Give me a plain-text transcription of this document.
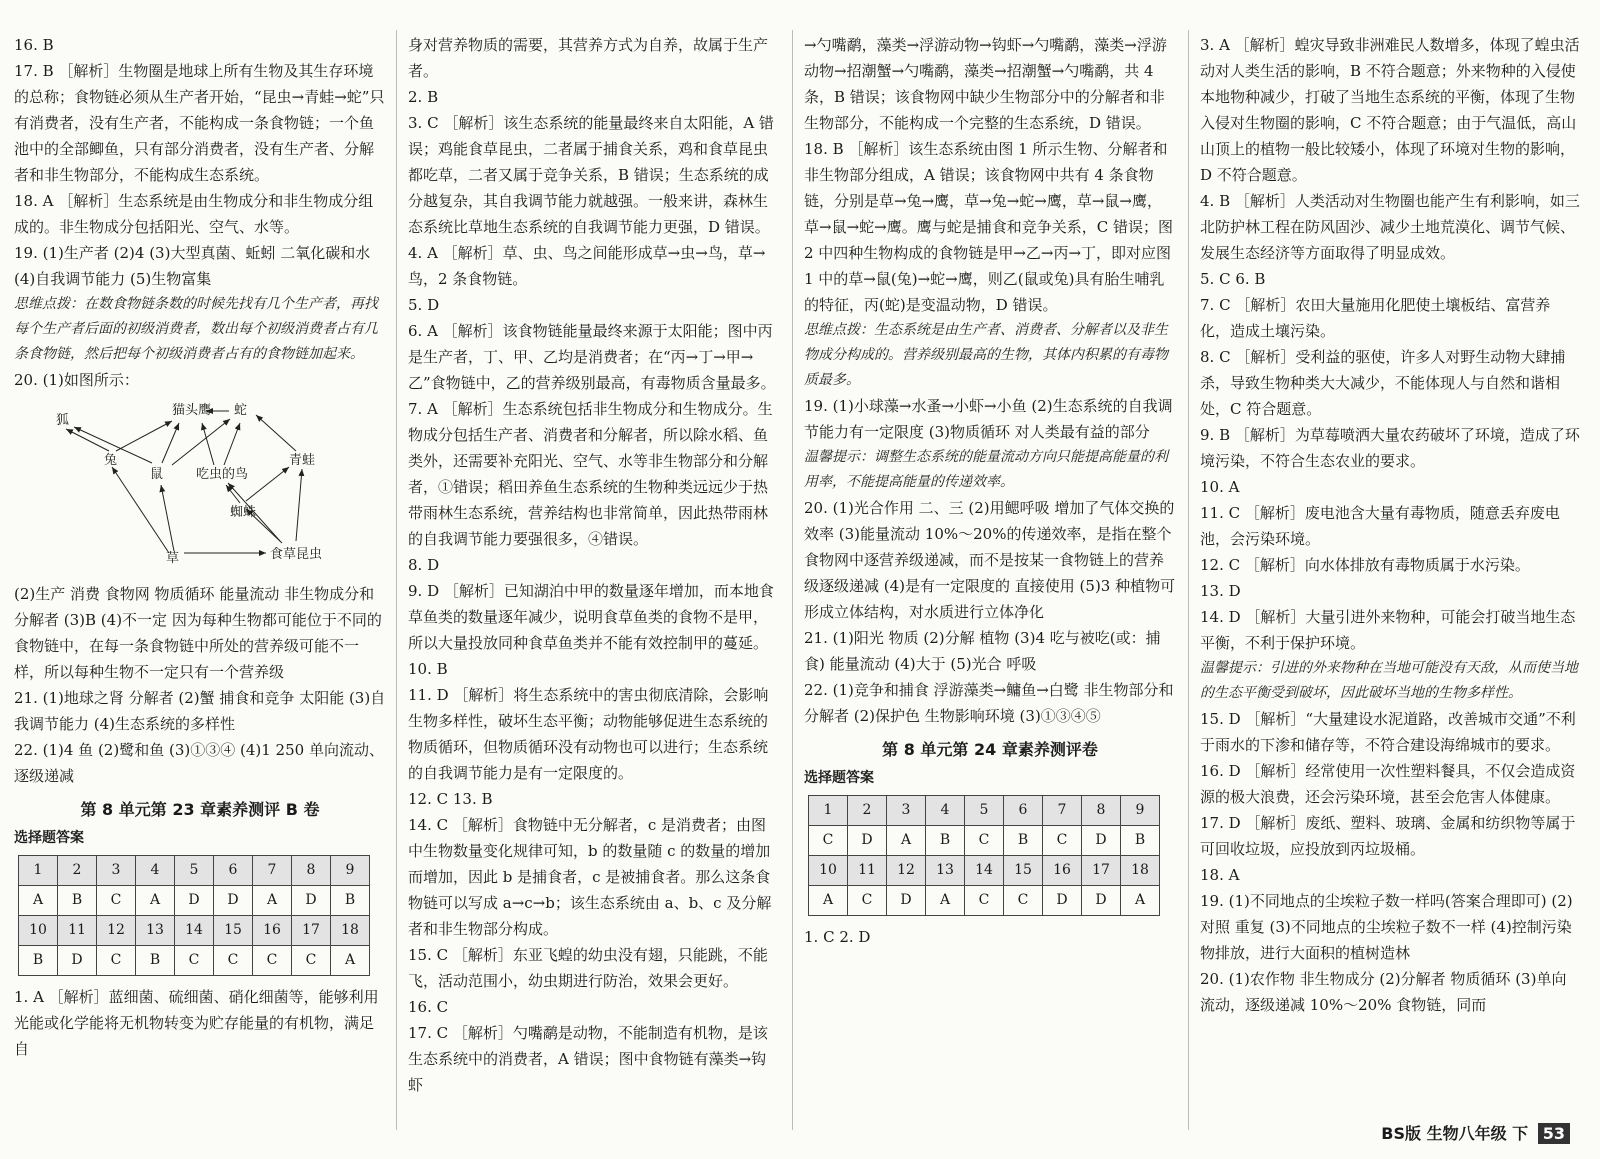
16. B

17. B ［解析］生物圈是地球上所有生物及其生存环境的总称；食物链必须从生产者开始，“昆虫→青蛙→蛇”只有消费者，没有生产者，不能构成一条食物链；一个鱼池中的全部鲫鱼，只有部分消费者，没有生产者、分解者和非生物部分，不能构成生态系统。

18. A ［解析］生态系统是由生物成分和非生物成分组成的。非生物成分包括阳光、空气、水等。

19. (1)生产者 (2)4 (3)大型真菌、蚯蚓 二氧化碳和水 (4)自我调节能力 (5)生物富集

思维点拨：在数食物链条数的时候先找有几个生产者，再找每个生产者后面的初级消费者，数出每个初级消费者占有几条食物链，然后把每个初级消费者占有的食物链加起来。

20. (1)如图所示：

狐
猫头鹰 蛇
兔
鼠	吃虫的鸟
青蛙
蜘蛛
草	食草昆虫

(2)生产 消费 食物网 物质循环 能量流动 非生物成分和分解者 (3)B (4)不一定 因为每种生物都可能位于不同的食物链中，在每一条食物链中所处的营养级可能不一样，所以每种生物不一定只有一个营养级

21. (1)地球之肾 分解者 (2)蟹 捕食和竞争 太阳能 (3)自我调节能力 (4)生态系统的多样性

22. (1)4 鱼 (2)鹭和鱼 (3)①③④ (4)1 250 单向流动、逐级递减

第 8 单元第 23 章素养测评 B 卷
选择题答案
1	2	3	4	5	6	7	8	9
A	B	C	A	D	D	A	D	B
10	11	12	13	14	15	16	17	18
B	D	C	B	C	C	C	C	A

1. A ［解析］蓝细菌、硫细菌、硝化细菌等，能够利用光能或化学能将无机物转变为贮存能量的有机物，满足自

身对营养物质的需要，其营养方式为自养，故属于生产者。

2. B

3. C ［解析］该生态系统的能量最终来自太阳能，A 错误；鸡能食草昆虫，二者属于捕食关系，鸡和食草昆虫都吃草，二者又属于竞争关系，B 错误；生态系统的成分越复杂，其自我调节能力就越强。一般来讲，森林生态系统比草地生态系统的自我调节能力更强，D 错误。

4. A ［解析］草、虫、鸟之间能形成草→虫→鸟，草→鸟，2 条食物链。

5. D

6. A ［解析］该食物链能量最终来源于太阳能；图中丙是生产者，丁、甲、乙均是消费者；在“丙→丁→甲→乙”食物链中，乙的营养级别最高，有毒物质含量最多。

7. A ［解析］生态系统包括非生物成分和生物成分。生物成分包括生产者、消费者和分解者，所以除水稻、鱼类外，还需要补充阳光、空气、水等非生物部分和分解者，①错误；稻田养鱼生态系统的生物种类远远少于热带雨林生态系统，营养结构也非常简单，因此热带雨林的自我调节能力要强很多，④错误。

8. D

9. D ［解析］已知湖泊中甲的数量逐年增加，而本地食草鱼类的数量逐年减少，说明食草鱼类的食物不是甲，所以大量投放同种食草鱼类并不能有效控制甲的蔓延。

10. B

11. D ［解析］将生态系统中的害虫彻底清除，会影响生物多样性，破坏生态平衡；动物能够促进生态系统的物质循环，但物质循环没有动物也可以进行；生态系统的自我调节能力是有一定限度的。

12. C 13. B

14. C ［解析］食物链中无分解者，c 是消费者；由图中生物数量变化规律可知，b 的数量随 c 的数量的增加而增加，因此 b 是捕食者，c 是被捕食者。那么这条食物链可以写成 a→c→b；该生态系统由 a、b、c 及分解者和非生物部分构成。

15. C ［解析］东亚飞蝗的幼虫没有翅，只能跳，不能飞，活动范围小，幼虫期进行防治，效果会更好。

16. C

17. C ［解析］勺嘴鹬是动物，不能制造有机物，是该生态系统中的消费者，A 错误；图中食物链有藻类→钩虾

→勺嘴鹬，藻类→浮游动物→钩虾→勺嘴鹬，藻类→浮游动物→招潮蟹→勺嘴鹬，藻类→招潮蟹→勺嘴鹬，共 4 条，B 错误；该食物网中缺少生物部分中的分解者和非生物部分，不能构成一个完整的生态系统，D 错误。

18. B ［解析］该生态系统由图 1 所示生物、分解者和非生物部分组成，A 错误；该食物网中共有 4 条食物链，分别是草→兔→鹰，草→兔→蛇→鹰，草→鼠→鹰，草→鼠→蛇→鹰。鹰与蛇是捕食和竞争关系，C 错误；图 2 中四种生物构成的食物链是甲→乙→丙→丁，即对应图 1 中的草→鼠(兔)→蛇→鹰，则乙(鼠或兔)具有胎生哺乳的特征，丙(蛇)是变温动物，D 错误。

思维点拨：生态系统是由生产者、消费者、分解者以及非生物成分构成的。营养级别最高的生物，其体内积累的有毒物质最多。

19. (1)小球藻→水蚤→小虾→小鱼 (2)生态系统的自我调节能力有一定限度 (3)物质循环 对人类最有益的部分

温馨提示：调整生态系统的能量流动方向只能提高能量的利用率，不能提高能量的传递效率。

20. (1)光合作用 二、三 (2)用鳃呼吸 增加了气体交换的效率 (3)能量流动 10%～20%的传递效率，是指在整个食物网中逐营养级递减，而不是按某一食物链上的营养级逐级递减 (4)是有一定限度的 直接使用 (5)3 种植物可形成立体结构，对水质进行立体净化

21. (1)阳光 物质 (2)分解 植物 (3)4 吃与被吃(或：捕食) 能量流动 (4)大于 (5)光合 呼吸

22. (1)竞争和捕食 浮游藻类→鳙鱼→白鹭 非生物部分和分解者 (2)保护色 生物影响环境 (3)①③④⑤

第 8 单元第 24 章素养测评卷
选择题答案
1	2	3	4	5	6	7	8	9
C	D	A	B	C	B	C	D	B
10	11	12	13	14	15	16	17	18
A	C	D	A	C	C	D	D	A

1. C 2. D

3. A ［解析］蝗灾导致非洲难民人数增多，体现了蝗虫活动对人类生活的影响，B 不符合题意；外来物种的入侵使本地物种减少，打破了当地生态系统的平衡，体现了生物入侵对生物圈的影响，C 不符合题意；由于气温低，高山山顶上的植物一般比较矮小，体现了环境对生物的影响，D 不符合题意。

4. B ［解析］人类活动对生物圈也能产生有利影响，如三北防护林工程在防风固沙、减少土地荒漠化、调节气候、发展生态经济等方面取得了明显成效。

5. C 6. B

7. C ［解析］农田大量施用化肥使土壤板结、富营养化，造成土壤污染。

8. C ［解析］受利益的驱使，许多人对野生动物大肆捕杀，导致生物种类大大减少，不能体现人与自然和谐相处，C 符合题意。

9. B ［解析］为草莓喷洒大量农药破坏了环境，造成了环境污染，不符合生态农业的要求。

10. A

11. C ［解析］废电池含大量有毒物质，随意丢弃废电池，会污染环境。

12. C ［解析］向水体排放有毒物质属于水污染。

13. D

14. D ［解析］大量引进外来物种，可能会打破当地生态平衡，不利于保护环境。

温馨提示：引进的外来物种在当地可能没有天敌，从而使当地的生态平衡受到破坏，因此破坏当地的生物多样性。

15. D ［解析］“大量建设水泥道路，改善城市交通”不利于雨水的下渗和储存等，不符合建设海绵城市的要求。

16. D ［解析］经常使用一次性塑料餐具，不仅会造成资源的极大浪费，还会污染环境，甚至会危害人体健康。

17. D ［解析］废纸、塑料、玻璃、金属和纺织物等属于可回收垃圾，应投放到丙垃圾桶。

18. A

19. (1)不同地点的尘埃粒子数一样吗(答案合理即可) (2)对照 重复 (3)不同地点的尘埃粒子数不一样 (4)控制污染物排放，进行大面积的植树造林

20. (1)农作物 非生物成分 (2)分解者 物质循环 (3)单向流动，逐级递减 10%～20% 食物链，同而

BS版 生物八年级 下 53
